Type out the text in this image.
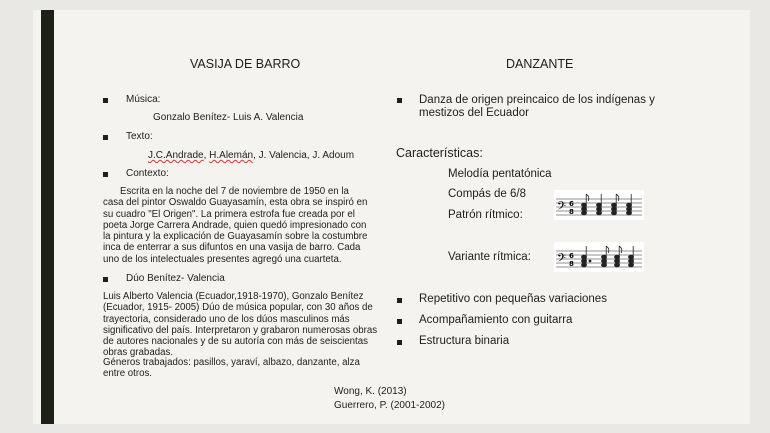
VASIJA DE BARRO
Música:
Gonzalo Benítez- Luis A. Valencia
Texto:
J.C.Andrade, H.Alemán, J. Valencia, J. Adoum
Contexto:
Escrita en la noche del 7 de noviembre de 1950 en la casa del pintor Oswaldo Guayasamín, esta obra se inspiró en su cuadro "El Origen". La primera estrofa fue creada por el poeta Jorge Carrera Andrade, quien quedó impresionado con la pintura y la explicación de Guayasamín sobre la costumbre inca de enterrar a sus difuntos en una vasija de barro. Cada uno de los intelectuales presentes agregó una cuarteta.
Dúo Benítez- Valencia
Luis Alberto Valencia (Ecuador,1918-1970), Gonzalo Benítez (Ecuador, 1915- 2005) Dúo de música popular, con 30 años de trayectoria, considerado uno de los dúos masculinos más significativo del país. Interpretaron y grabaron numerosas obras de autores nacionales y de su autoría con más de seiscientas obras grabadas.
Géneros trabajados: pasillos, yaraví, albazo, danzante, alza entre otros.
DANZANTE
Danza de origen preincaico de los indígenas y mestizos del Ecuador
Características:
Melodía pentatónica
Compás de 6/8
Patrón rítmico:
Variante rítmica:
𝄢 6
8
𝄢 6
8
Repetitivo con pequeñas variaciones
Acompañamiento con guitarra
Estructura binaria
Wong, K. (2013)
Guerrero, P. (2001-2002)
